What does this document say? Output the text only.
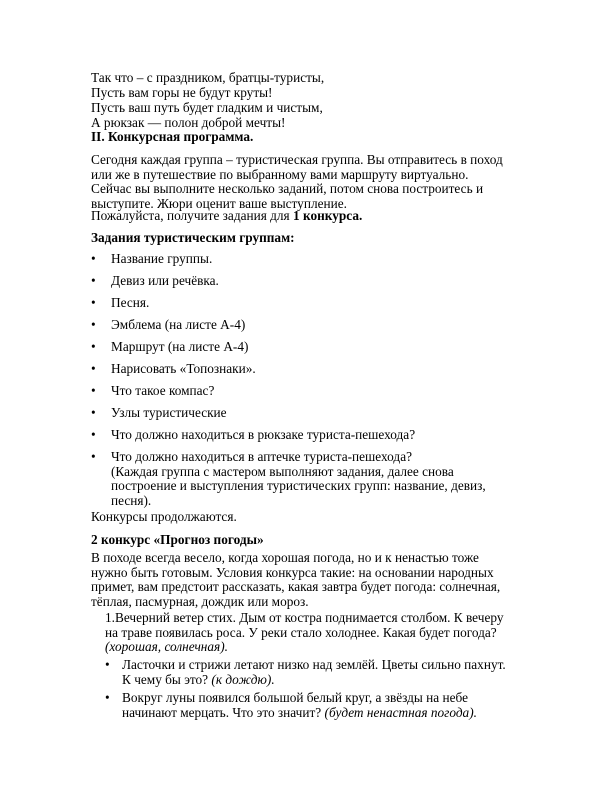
Так что – с праздником, братцы-туристы,
Пусть вам горы не будут круты!
Пусть ваш путь будет гладким и чистым,
А рюкзак — полон доброй мечты!
II. Конкурсная программа.
Сегодня каждая группа – туристическая группа. Вы отправитесь в поход или же в путешествие по выбранному вами маршруту виртуально. Сейчас вы выполните несколько заданий, потом снова построитесь и выступите. Жюри оценит ваше выступление.
Пожалуйста, получите задания для 1 конкурса.
Задания туристическим группам:
•	Название группы.
•	Девиз или речёвка.
•	Песня.
•	Эмблема (на листе А-4)
•	Маршрут (на листе А-4)
•	Нарисовать «Топознаки».
•	Что такое компас?
•	Узлы туристические
•	Что должно находиться в рюкзаке туриста-пешехода?
•	Что должно находиться в аптечке туриста-пешехода?
(Каждая группа с мастером выполняют задания, далее снова построение и выступления туристических групп: название, девиз, песня).
Конкурсы продолжаются.
2 конкурс «Прогноз погоды»
В походе всегда весело, когда хорошая погода, но и к ненастью тоже нужно быть готовым. Условия конкурса такие: на основании народных примет, вам предстоит рассказать, какая завтра будет погода: солнечная, тёплая, пасмурная, дождик или мороз.
1.Вечерний ветер стих. Дым от костра поднимается столбом. К вечеру на траве появилась роса. У реки стало холоднее. Какая будет погода? (хорошая, солнечная).
• Ласточки и стрижи летают низко над землёй. Цветы сильно пахнут. К чему бы это? (к дождю).
• Вокруг луны появился большой белый круг, а звёзды на небе начинают мерцать. Что это значит? (будет ненастная погода).
